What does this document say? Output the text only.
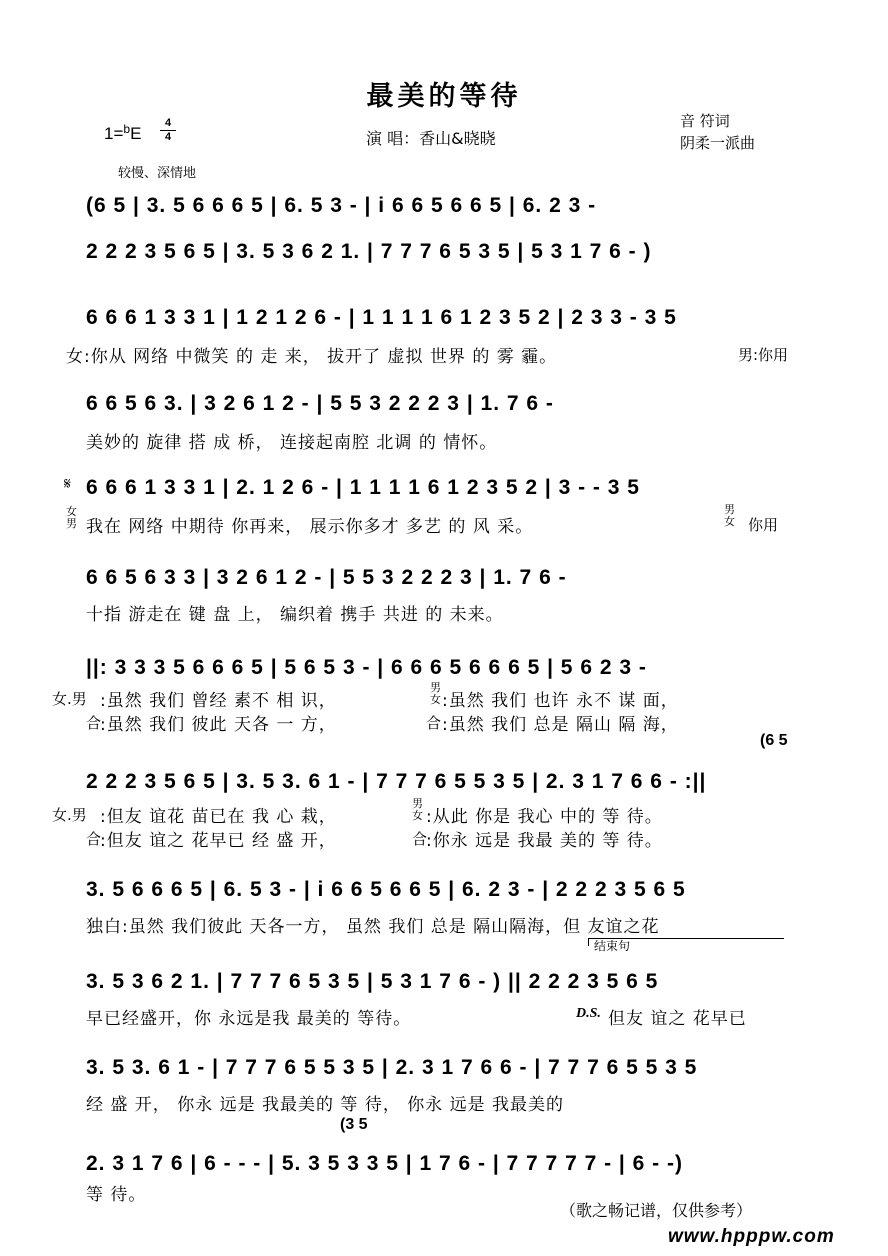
最美的等待
1=$^b$E
4
4	演 唱：香山&晓晓
音 符词
阴柔一派曲
较慢、深情地
(6 5 | 3. 5 6 6 6 5 | 6. 5 3 - | i 6 6 5 6 6 5 | 6. 2 3 -
2 2 2 3 5 6 5 | 3. 5 3 6 2 1. | 7 7 7 6 5 3 5 | 5 3 1 7 6 - )
6 6 6 1 3 3 1 | 1 2 1 2 6 - | 1 1 1 1 6 1 2 3 5 2 | 2 3 3 - 3 5
女:你从 网络 中微笑 的 走 来， 拔开了 虚拟 世界 的 雾 霾。	男:你用
6 6 5 6 3. | 3 2 6 1 2 - | 5 5 3 2 2 2 3 | 1. 7 6 -
美妙的 旋律 搭 成 桥， 连接起南腔 北调 的 情怀。
𝄋 6 6 6 1 3 3 1 | 2. 1 2 6 - | 1 1 1 1 6 1 2 3 5 2 | 3 - - 3 5
女
男 我在 网络 中期待 你再来， 展示你多才 多艺 的 风 采。
男
女 你用
6 6 5 6 3 3 | 3 2 6 1 2 - | 5 5 3 2 2 2 3 | 1. 7 6 -
十指 游走在 键 盘 上， 编织着 携手 共进 的 未来。
||: 3 3 3 5 6 6 6 5 | 5 6 5 3 - | 6 6 6 5 6 6 6 5 | 5 6 2 3 -
女.男 :虽然 我们 曾经 素不 相 识，
男
女 :虽然 我们 也许 永不 谋 面，
合
:虽然 我们 彼此 天各 一 方，	合 :虽然 我们 总是 隔山 隔 海，
(6 5
2 2 2 3 5 6 5 | 3. 5 3. 6 1 - | 7 7 7 6 5 5 3 5 | 2. 3 1 7 6 6 - :||
女.男 :但友 谊花 苗已在 我 心 栽，
男
女 :从此 你是 我心 中的 等 待。
合
:但友 谊之 花早已 经 盛 开，	合
:你永 远是 我最 美的 等 待。
3. 5 6 6 6 5 | 6. 5 3 - | i 6 6 5 6 6 5 | 6. 2 3 - | 2 2 2 3 5 6 5
独白:虽然 我们彼此 天各一方， 虽然 我们 总是 隔山隔海，但 友谊之花
结束句
3. 5 3 6 2 1. | 7 7 7 6 5 3 5 | 5 3 1 7 6 - ) || 2 2 2 3 5 6 5
早已经盛开，你 永远是我 最美的 等待。	D.S. 但友 谊之 花早已
3. 5 3. 6 1 - | 7 7 7 6 5 5 3 5 | 2. 3 1 7 6 6 - | 7 7 7 6 5 5 3 5
经 盛 开， 你永 远是 我最美的 等 待， 你永 远是 我最美的
(3 5
2. 3 1 7 6 | 6 - - - | 5. 3 5 3 3 5 | 1 7 6 - | 7 7 7 7 7 - | 6 - -)
等 待。
（歌之畅记谱，仅供参考）
www.hpppw.com
